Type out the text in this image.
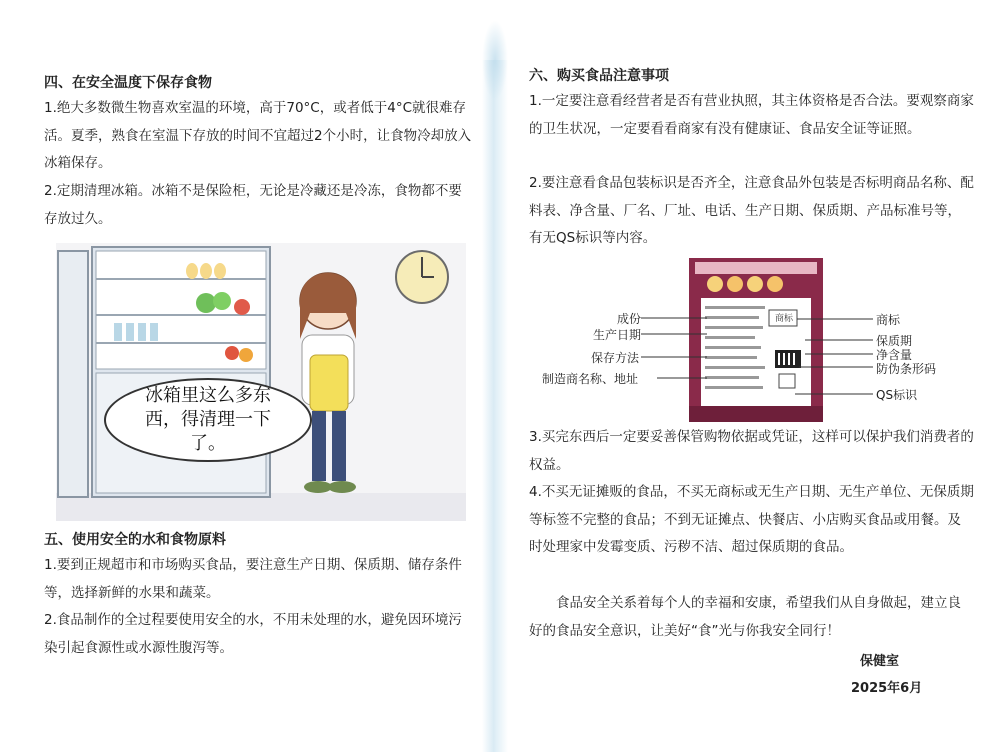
四、在安全温度下保存食物
1.绝大多数微生物喜欢室温的环境，高于70°C，或者低于4°C就很难存活。夏季，熟食在室温下存放的时间不宜超过2个小时，让食物冷却放入冰箱保存。
2.定期清理冰箱。冰箱不是保险柜，无论是冷藏还是冷冻，食物都不要存放过久。
冰箱里这么多东西，得清理一下了。
五、使用安全的水和食物原料
1.要到正规超市和市场购买食品，要注意生产日期、保质期、储存条件等，选择新鲜的水果和蔬菜。
2.食品制作的全过程要使用安全的水，不用未处理的水，避免因环境污染引起食源性或水源性腹泻等。
六、购买食品注意事项
1.一定要注意看经营者是否有营业执照，其主体资格是否合法。要观察商家的卫生状况，一定要看看商家有没有健康证、食品安全证等证照。
2.要注意看食品包装标识是否齐全，注意食品外包装是否标明商品名称、配料表、净含量、厂名、厂址、电话、生产日期、保质期、产品标准号等，有无QS标识等内容。
商标
成份
生产日期
保存方法
制造商名称、地址
商标
保质期
净含量
防伪条形码
QS标识
3.买完东西后一定要妥善保管购物依据或凭证，这样可以保护我们消费者的权益。
4.不买无证摊贩的食品，不买无商标或无生产日期、无生产单位、无保质期等标签不完整的食品；不到无证摊点、快餐店、小店购买食品或用餐。及时处理家中发霉变质、污秽不洁、超过保质期的食品。
食品安全关系着每个人的幸福和安康，希望我们从自身做起，建立良好的食品安全意识，让美好“食”光与你我安全同行！
保健室
2025年6月
